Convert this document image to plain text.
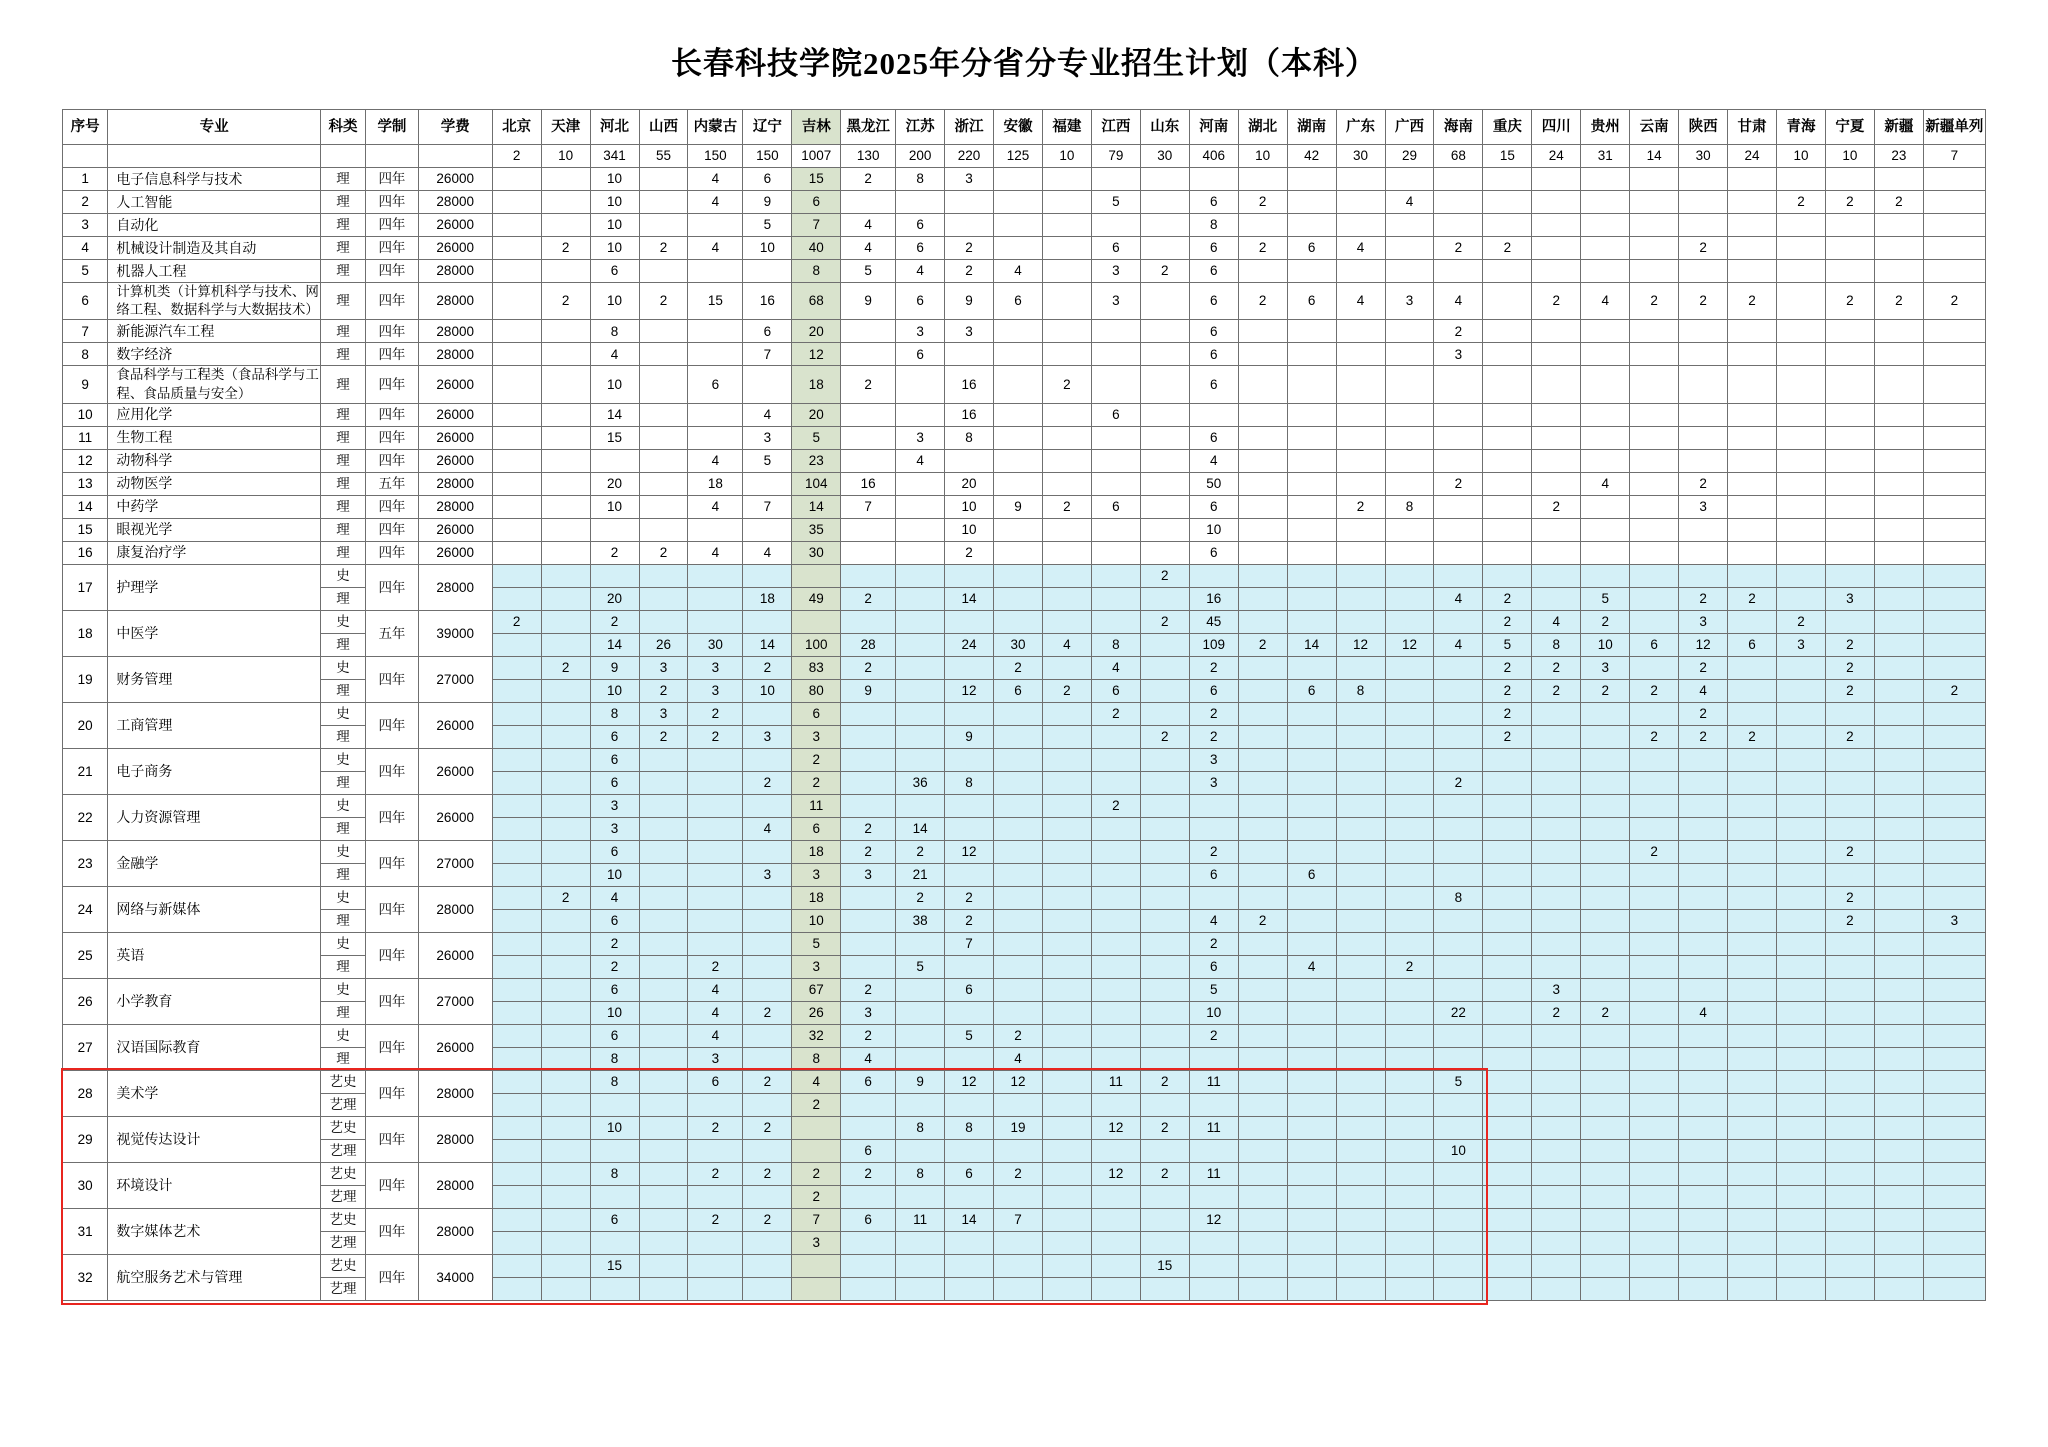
长春科技学院2025年分省分专业招生计划（本科）
序号	专业	科类	学制	学费	北京	天津	河北	山西	内蒙古	辽宁	吉林	黑龙江	江苏	浙江	安徽	福建	江西	山东	河南	湖北	湖南	广东	广西	海南	重庆	四川	贵州	云南	陕西	甘肃	青海	宁夏	新疆	新疆单列
					2	10	341	55	150	150	1007	130	200	220	125	10	79	30	406	10	42	30	29	68	15	24	31	14	30	24	10	10	23	7
1	电子信息科学与技术	理	四年	26000			10		4	6	15	2	8	3																				
2	人工智能	理	四年	28000			10		4	9	6						5		6	2			4								2	2	2	
3	自动化	理	四年	26000			10			5	7	4	6						8															
4	机械设计制造及其自动	理	四年	26000		2	10	2	4	10	40	4	6	2			6		6	2	6	4		2	2				2					
5	机器人工程	理	四年	28000			6				8	5	4	2	4		3	2	6															
6	计算机类（计算机科学与技术、网络工程、数据科学与大数据技术）	理	四年	28000		2	10	2	15	16	68	9	6	9	6		3		6	2	6	4	3	4		2	4	2	2	2		2	2	2
7	新能源汽车工程	理	四年	28000			8			6	20		3	3					6					2										
8	数字经济	理	四年	28000			4			7	12		6						6					3										
9	食品科学与工程类（食品科学与工程、食品质量与安全）	理	四年	26000			10		6		18	2		16		2			6															
10	应用化学	理	四年	26000			14			4	20			16			6																	
11	生物工程	理	四年	26000			15			3	5		3	8					6															
12	动物科学	理	四年	26000					4	5	23		4						4															
13	动物医学	理	五年	28000			20		18		104	16		20					50					2			4		2					
14	中药学	理	四年	28000			10		4	7	14	7		10	9	2	6		6			2	8			2			3					
15	眼视光学	理	四年	26000							35			10					10															
16	康复治疗学	理	四年	26000			2	2	4	4	30			2					6															
17	护理学	史	四年	28000														2																
		理					20			18	49	2		14					16					4	2		5		2	2		3		
18	中医学	史	五年	39000	2		2											2	45						2	4	2		3		2			
		理					14	26	30	14	100	28		24	30	4	8		109	2	14	12	12	4	5	8	10	6	12	6	3	2		
19	财务管理	史	四年	27000		2	9	3	3	2	83	2			2		4		2						2	2	3		2			2		
		理					10	2	3	10	80	9		12	6	2	6		6		6	8			2	2	2	2	4			2		2
20	工商管理	史	四年	26000			8	3	2		6						2		2						2				2					
		理					6	2	2	3	3			9				2	2						2			2	2	2		2		
21	电子商务	史	四年	26000			6				2								3															
		理					6			2	2		36	8					3					2										
22	人力资源管理	史	四年	26000			3				11						2																	
		理					3			4	6	2	14																					
23	金融学	史	四年	27000			6				18	2	2	12					2									2				2		
		理					10			3	3	3	21						6		6													
24	网络与新媒体	史	四年	28000		2	4				18		2	2										8								2		
		理					6				10		38	2					4	2												2		3
25	英语	史	四年	26000			2				5			7					2															
		理					2		2		3		5						6		4		2											
26	小学教育	史	四年	27000			6		4		67	2		6					5							3								
		理					10		4	2	26	3							10					22		2	2		4					
27	汉语国际教育	史	四年	26000			6		4		32	2		5	2				2															
		理					8		3		8	4			4																			
28	美术学	艺史	四年	28000			8		6	2	4	6	9	12	12		11	2	11					5										
		艺理									2																							
29	视觉传达设计	艺史	四年	28000			10		2	2			8	8	19		12	2	11															
		艺理										6												10										
30	环境设计	艺史	四年	28000			8		2	2	2	2	8	6	2		12	2	11															
		艺理									2																							
31	数字媒体艺术	艺史	四年	28000			6		2	2	7	6	11	14	7				12															
		艺理									3																							
32	航空服务艺术与管理	艺史	四年	34000			15											15																
		艺理																																
